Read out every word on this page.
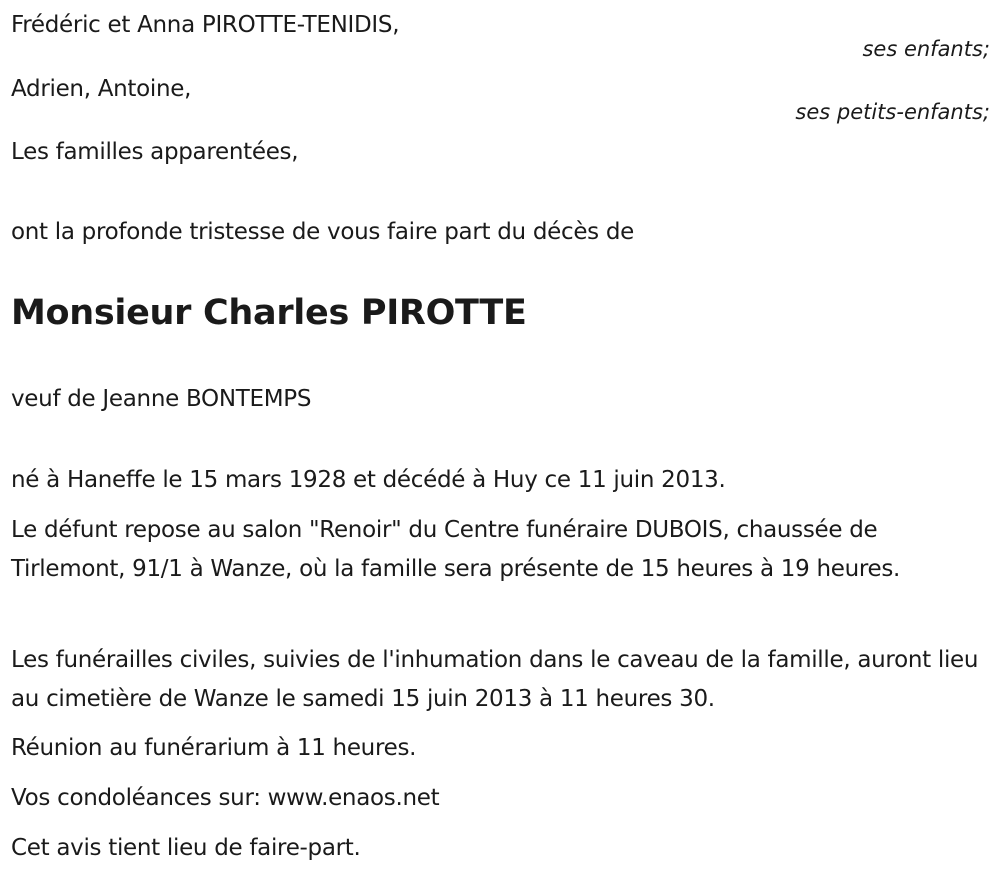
Frédéric et Anna PIROTTE-TENIDIS,
ses enfants;
Adrien, Antoine,
ses petits-enfants;
Les familles apparentées,
ont la profonde tristesse de vous faire part du décès de
Monsieur Charles PIROTTE
veuf de Jeanne BONTEMPS
né à Haneffe le 15 mars 1928 et décédé à Huy ce 11 juin 2013.
Le défunt repose au salon "Renoir" du Centre funéraire DUBOIS, chaussée de Tirlemont, 91/1 à Wanze, où la famille sera présente de 15 heures à 19 heures.
Les funérailles civiles, suivies de l'inhumation dans le caveau de la famille, auront lieu au cimetière de Wanze le samedi 15 juin 2013 à 11 heures 30.
Réunion au funérarium à 11 heures.
Vos condoléances sur: www.enaos.net
Cet avis tient lieu de faire-part.
